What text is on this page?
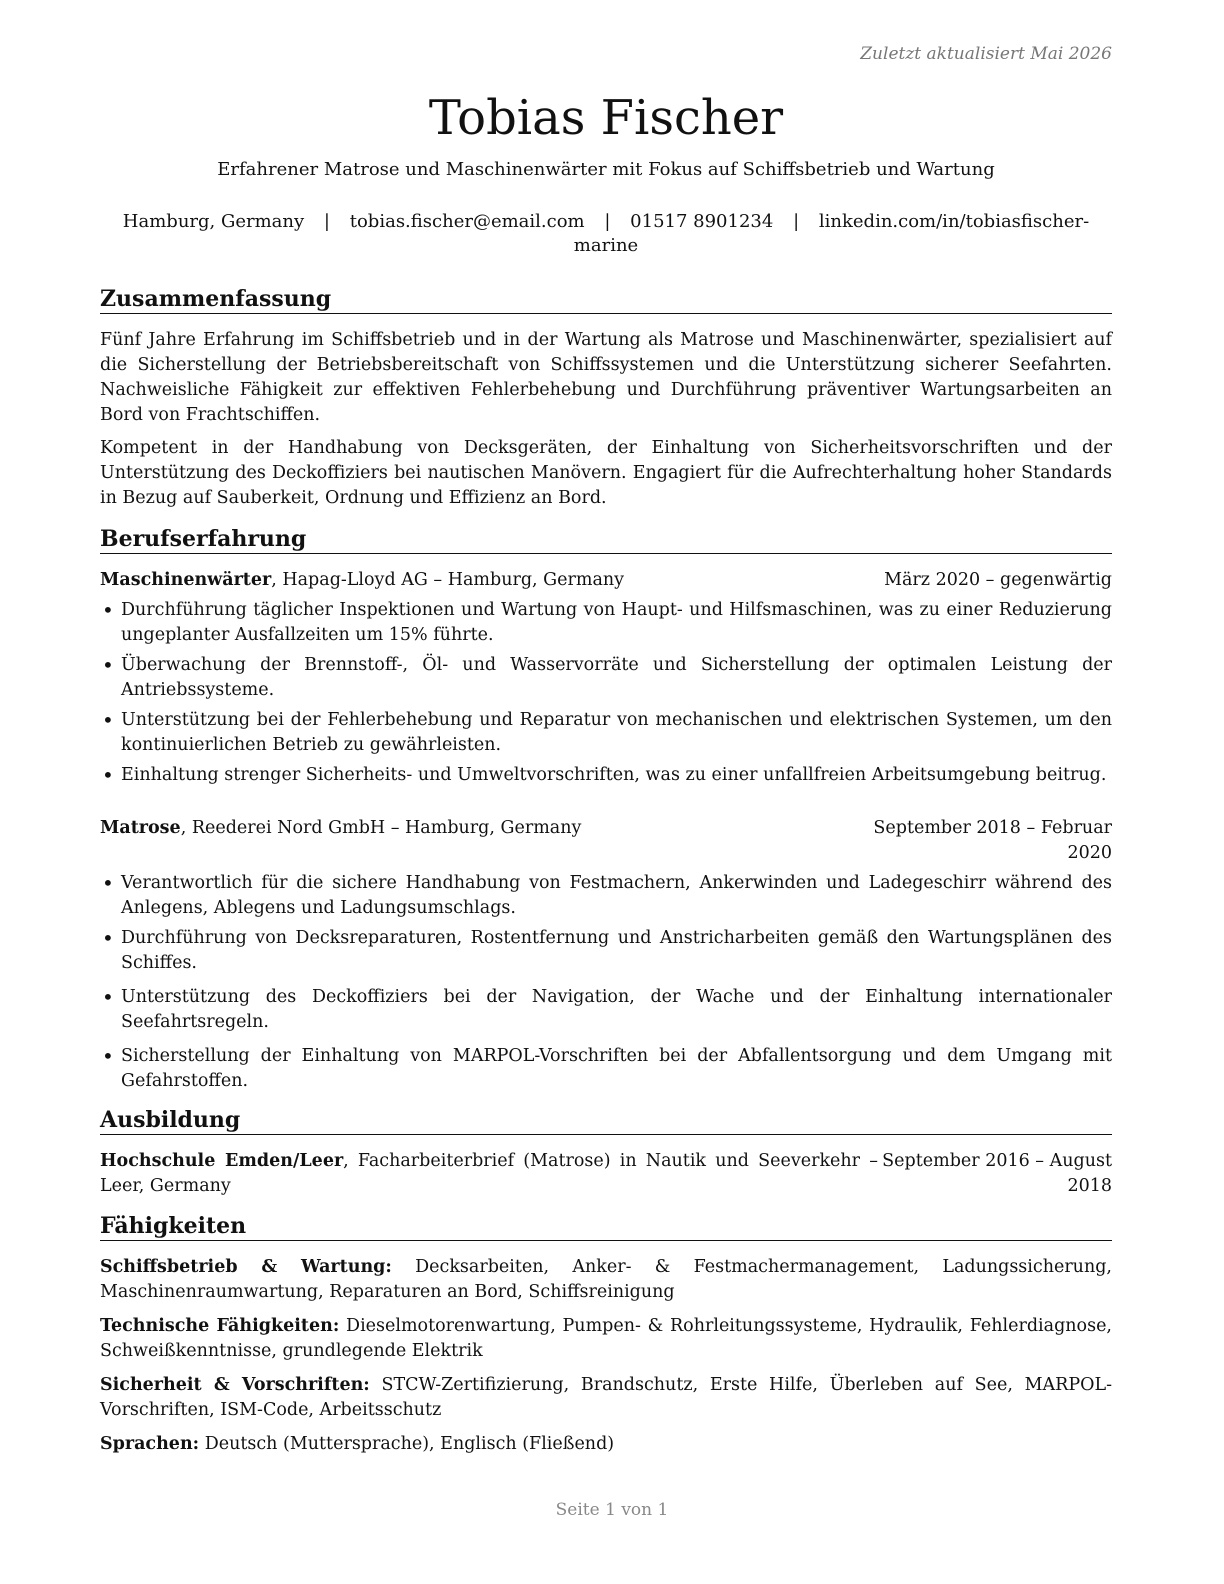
Zuletzt aktualisiert Mai 2026
Tobias Fischer
Erfahrener Matrose und Maschinenwärter mit Fokus auf Schiffsbetrieb und Wartung
Hamburg, Germany | tobias.fischer@email.com | 01517 8901234 | linkedin.com/in/tobiasfischer-marine
Zusammenfassung

Fünf Jahre Erfahrung im Schiffsbetrieb und in der Wartung als Matrose und Maschinenwärter, spezialisiert auf die Sicherstellung der Betriebsbereitschaft von Schiffssystemen und die Unterstützung sicherer Seefahrten. Nachweisliche Fähigkeit zur effektiven Fehlerbehebung und Durchführung präventiver Wartungsarbeiten an Bord von Frachtschiffen.

Kompetent in der Handhabung von Decksgeräten, der Einhaltung von Sicherheitsvorschriften und der Unterstützung des Deckoffiziers bei nautischen Manövern. Engagiert für die Aufrechterhaltung hoher Standards in Bezug auf Sauberkeit, Ordnung und Effizienz an Bord.

Berufserfahrung
Maschinenwärter, Hapag-Lloyd AG – Hamburg, Germany	März 2020 – gegenwärtig
• Durchführung täglicher Inspektionen und Wartung von Haupt- und Hilfsmaschinen, was zu einer Reduzierung ungeplanter Ausfallzeiten um 15% führte.
• Überwachung der Brennstoff-, Öl- und Wasservorräte und Sicherstellung der optimalen Leistung der Antriebssysteme.
• Unterstützung bei der Fehlerbehebung und Reparatur von mechanischen und elektrischen Systemen, um den kontinuierlichen Betrieb zu gewährleisten.
• Einhaltung strenger Sicherheits- und Umweltvorschriften, was zu einer unfallfreien Arbeitsumgebung beitrug.
Matrose, Reederei Nord GmbH – Hamburg, Germany	September 2018 – Februar 2020
• Verantwortlich für die sichere Handhabung von Festmachern, Ankerwinden und Ladegeschirr während des Anlegens, Ablegens und Ladungsumschlags.
• Durchführung von Decksreparaturen, Rostentfernung und Anstricharbeiten gemäß den Wartungsplänen des Schiffes.
• Unterstützung des Deckoffiziers bei der Navigation, der Wache und der Einhaltung internationaler Seefahrtsregeln.
• Sicherstellung der Einhaltung von MARPOL-Vorschriften bei der Abfallentsorgung und dem Umgang mit Gefahrstoffen.
Ausbildung
Hochschule Emden/Leer, Facharbeiterbrief (Matrose) in Nautik und Seeverkehr – Leer, Germany
September 2016 – August 2018
Fähigkeiten

Schiffsbetrieb & Wartung: Decksarbeiten, Anker- & Festmachermanagement, Ladungssicherung, Maschinenraumwartung, Reparaturen an Bord, Schiffsreinigung

Technische Fähigkeiten: Dieselmotorenwartung, Pumpen- & Rohrleitungssysteme, Hydraulik, Fehlerdiagnose, Schweißkenntnisse, grundlegende Elektrik

Sicherheit & Vorschriften: STCW-Zertifizierung, Brandschutz, Erste Hilfe, Überleben auf See, MARPOL-Vorschriften, ISM-Code, Arbeitsschutz

Sprachen: Deutsch (Muttersprache), Englisch (Fließend)

Seite 1 von 1
